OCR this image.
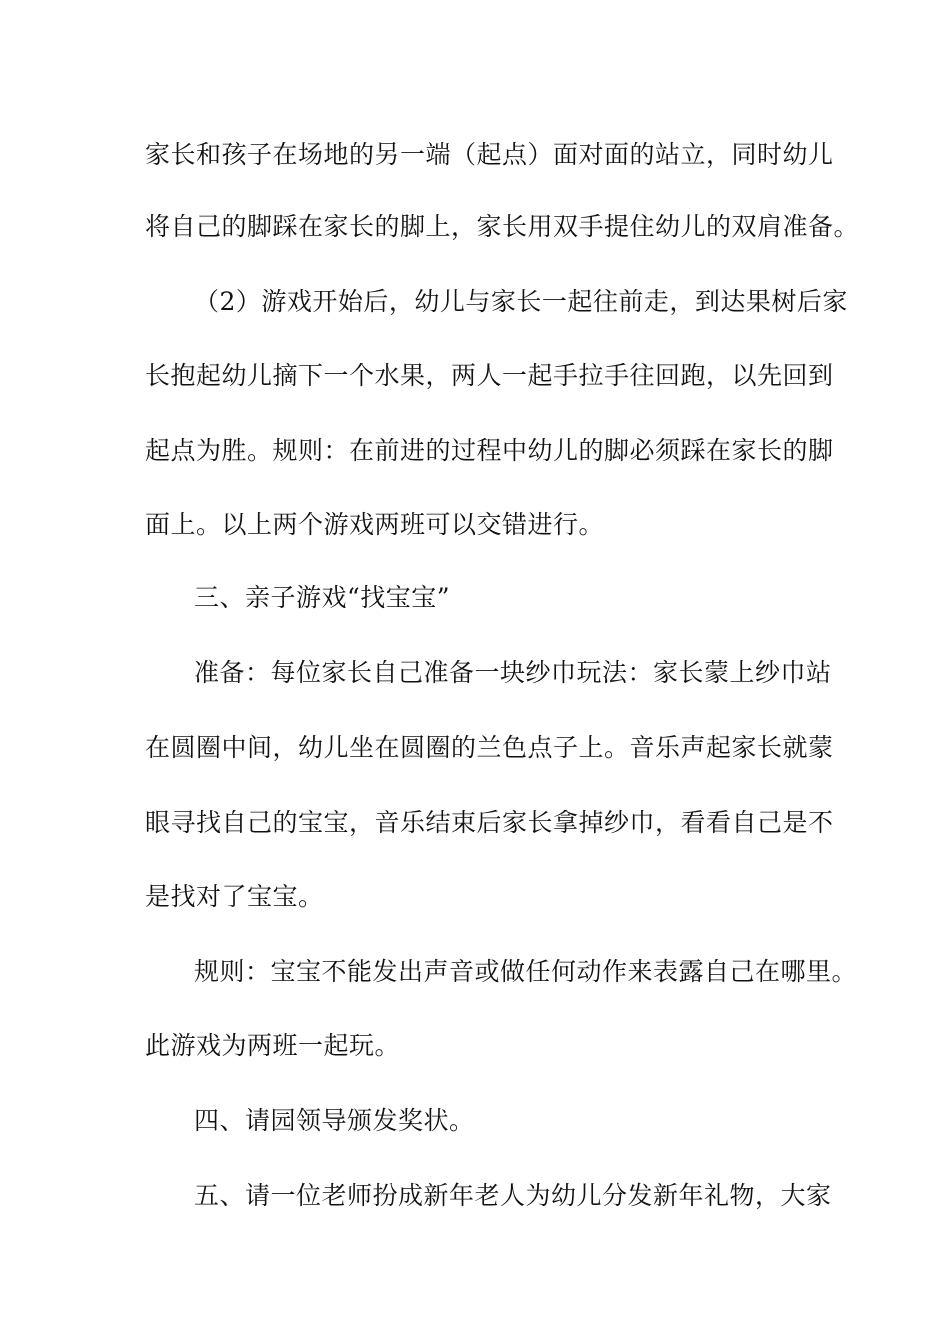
家长和孩子在场地的另一端（起点）面对面的站立，同时幼儿
将自己的脚踩在家长的脚上，家长用双手提住幼儿的双肩准备。
（2）游戏开始后，幼儿与家长一起往前走，到达果树后家
长抱起幼儿摘下一个水果，两人一起手拉手往回跑，以先回到
起点为胜。规则：在前进的过程中幼儿的脚必须踩在家长的脚
面上。以上两个游戏两班可以交错进行。
三、亲子游戏“找宝宝”
准备：每位家长自己准备一块纱巾玩法：家长蒙上纱巾站
在圆圈中间，幼儿坐在圆圈的兰色点子上。音乐声起家长就蒙
眼寻找自己的宝宝，音乐结束后家长拿掉纱巾，看看自己是不
是找对了宝宝。
规则：宝宝不能发出声音或做任何动作来表露自己在哪里。
此游戏为两班一起玩。
四、请园领导颁发奖状。
五、请一位老师扮成新年老人为幼儿分发新年礼物，大家
